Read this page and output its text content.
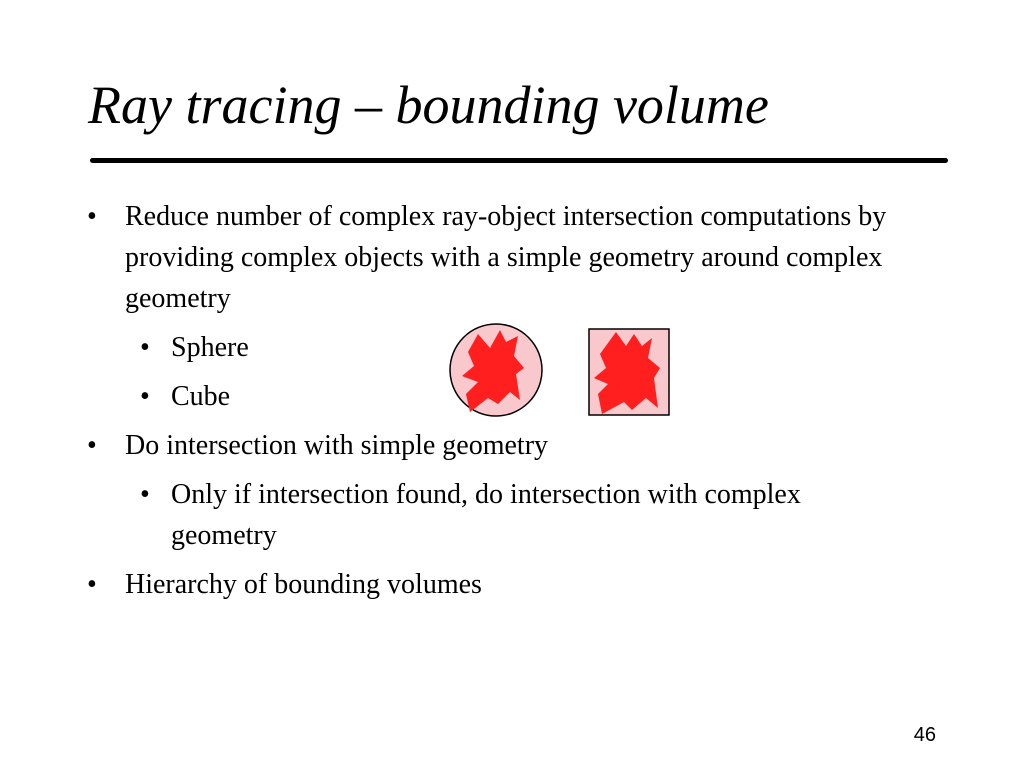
Ray tracing – bounding volume
•	Reduce number of complex ray-object intersection computations by providing complex objects with a simple geometry around complex geometry
• Sphere
• Cube
•	Do intersection with simple geometry
• Only if intersection found, do intersection with complex geometry
•	Hierarchy of bounding volumes
46
